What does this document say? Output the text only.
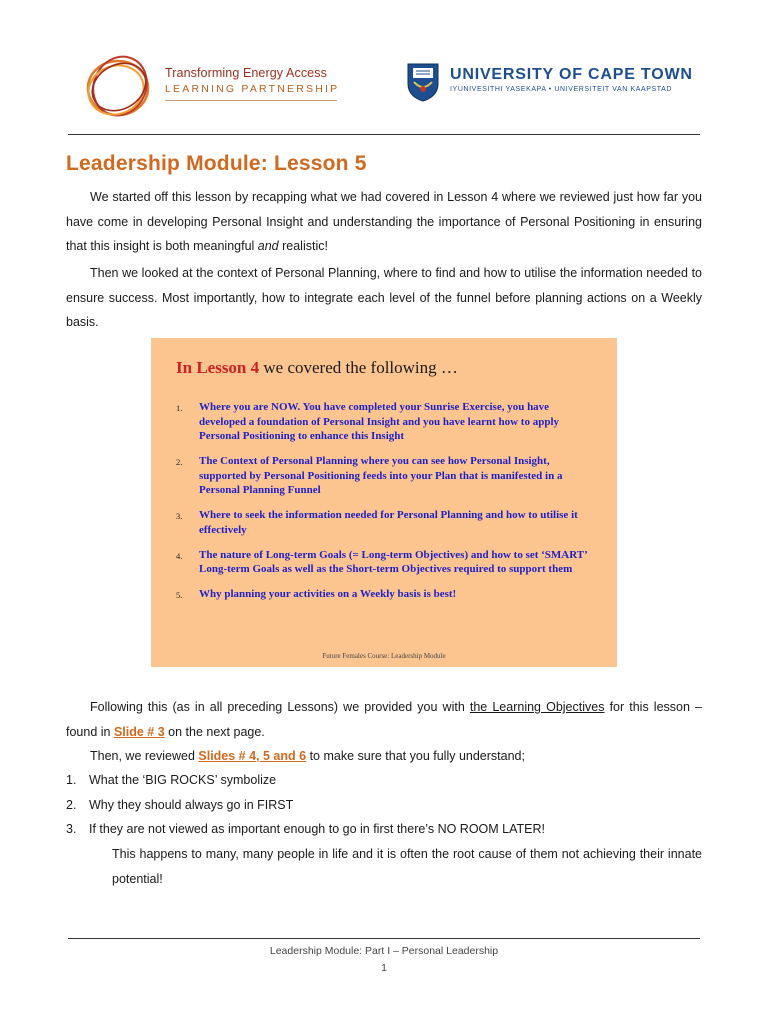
Transforming Energy Access
LEARNING PARTNERSHIP
UNIVERSITY OF CAPE TOWN
IYUNIVESITHI YASEKAPA • UNIVERSITEIT VAN KAAPSTAD
Leadership Module: Lesson 5

We started off this lesson by recapping what we had covered in Lesson 4 where we reviewed just how far you have come in developing Personal Insight and understanding the importance of Personal Positioning in ensuring that this insight is both meaningful and realistic!

Then we looked at the context of Personal Planning, where to find and how to utilise the information needed to ensure success. Most importantly, how to integrate each level of the funnel before planning actions on a Weekly basis.

In Lesson 4 we covered the following …
1. Where you are NOW. You have completed your Sunrise Exercise, you have developed a foundation of Personal Insight and you have learnt how to apply Personal Positioning to enhance this Insight
2. The Context of Personal Planning where you can see how Personal Insight, supported by Personal Positioning feeds into your Plan that is manifested in a Personal Planning Funnel
3. Where to seek the information needed for Personal Planning and how to utilise it effectively
4. The nature of Long-term Goals (= Long-term Objectives) and how to set ‘SMART’ Long-term Goals as well as the Short-term Objectives required to support them
5. Why planning your activities on a Weekly basis is best!
Future Females Course: Leadership Module

Following this (as in all preceding Lessons) we provided you with the Learning Objectives for this lesson – found in Slide # 3 on the next page.

Then, we reviewed Slides # 4, 5 and 6 to make sure that you fully understand;

1. What the ‘BIG ROCKS’ symbolize
2. Why they should always go in FIRST
3. If they are not viewed as important enough to go in first there’s NO ROOM LATER!

This happens to many, many people in life and it is often the root cause of them not achieving their innate potential!

Leadership Module: Part I – Personal Leadership
1
